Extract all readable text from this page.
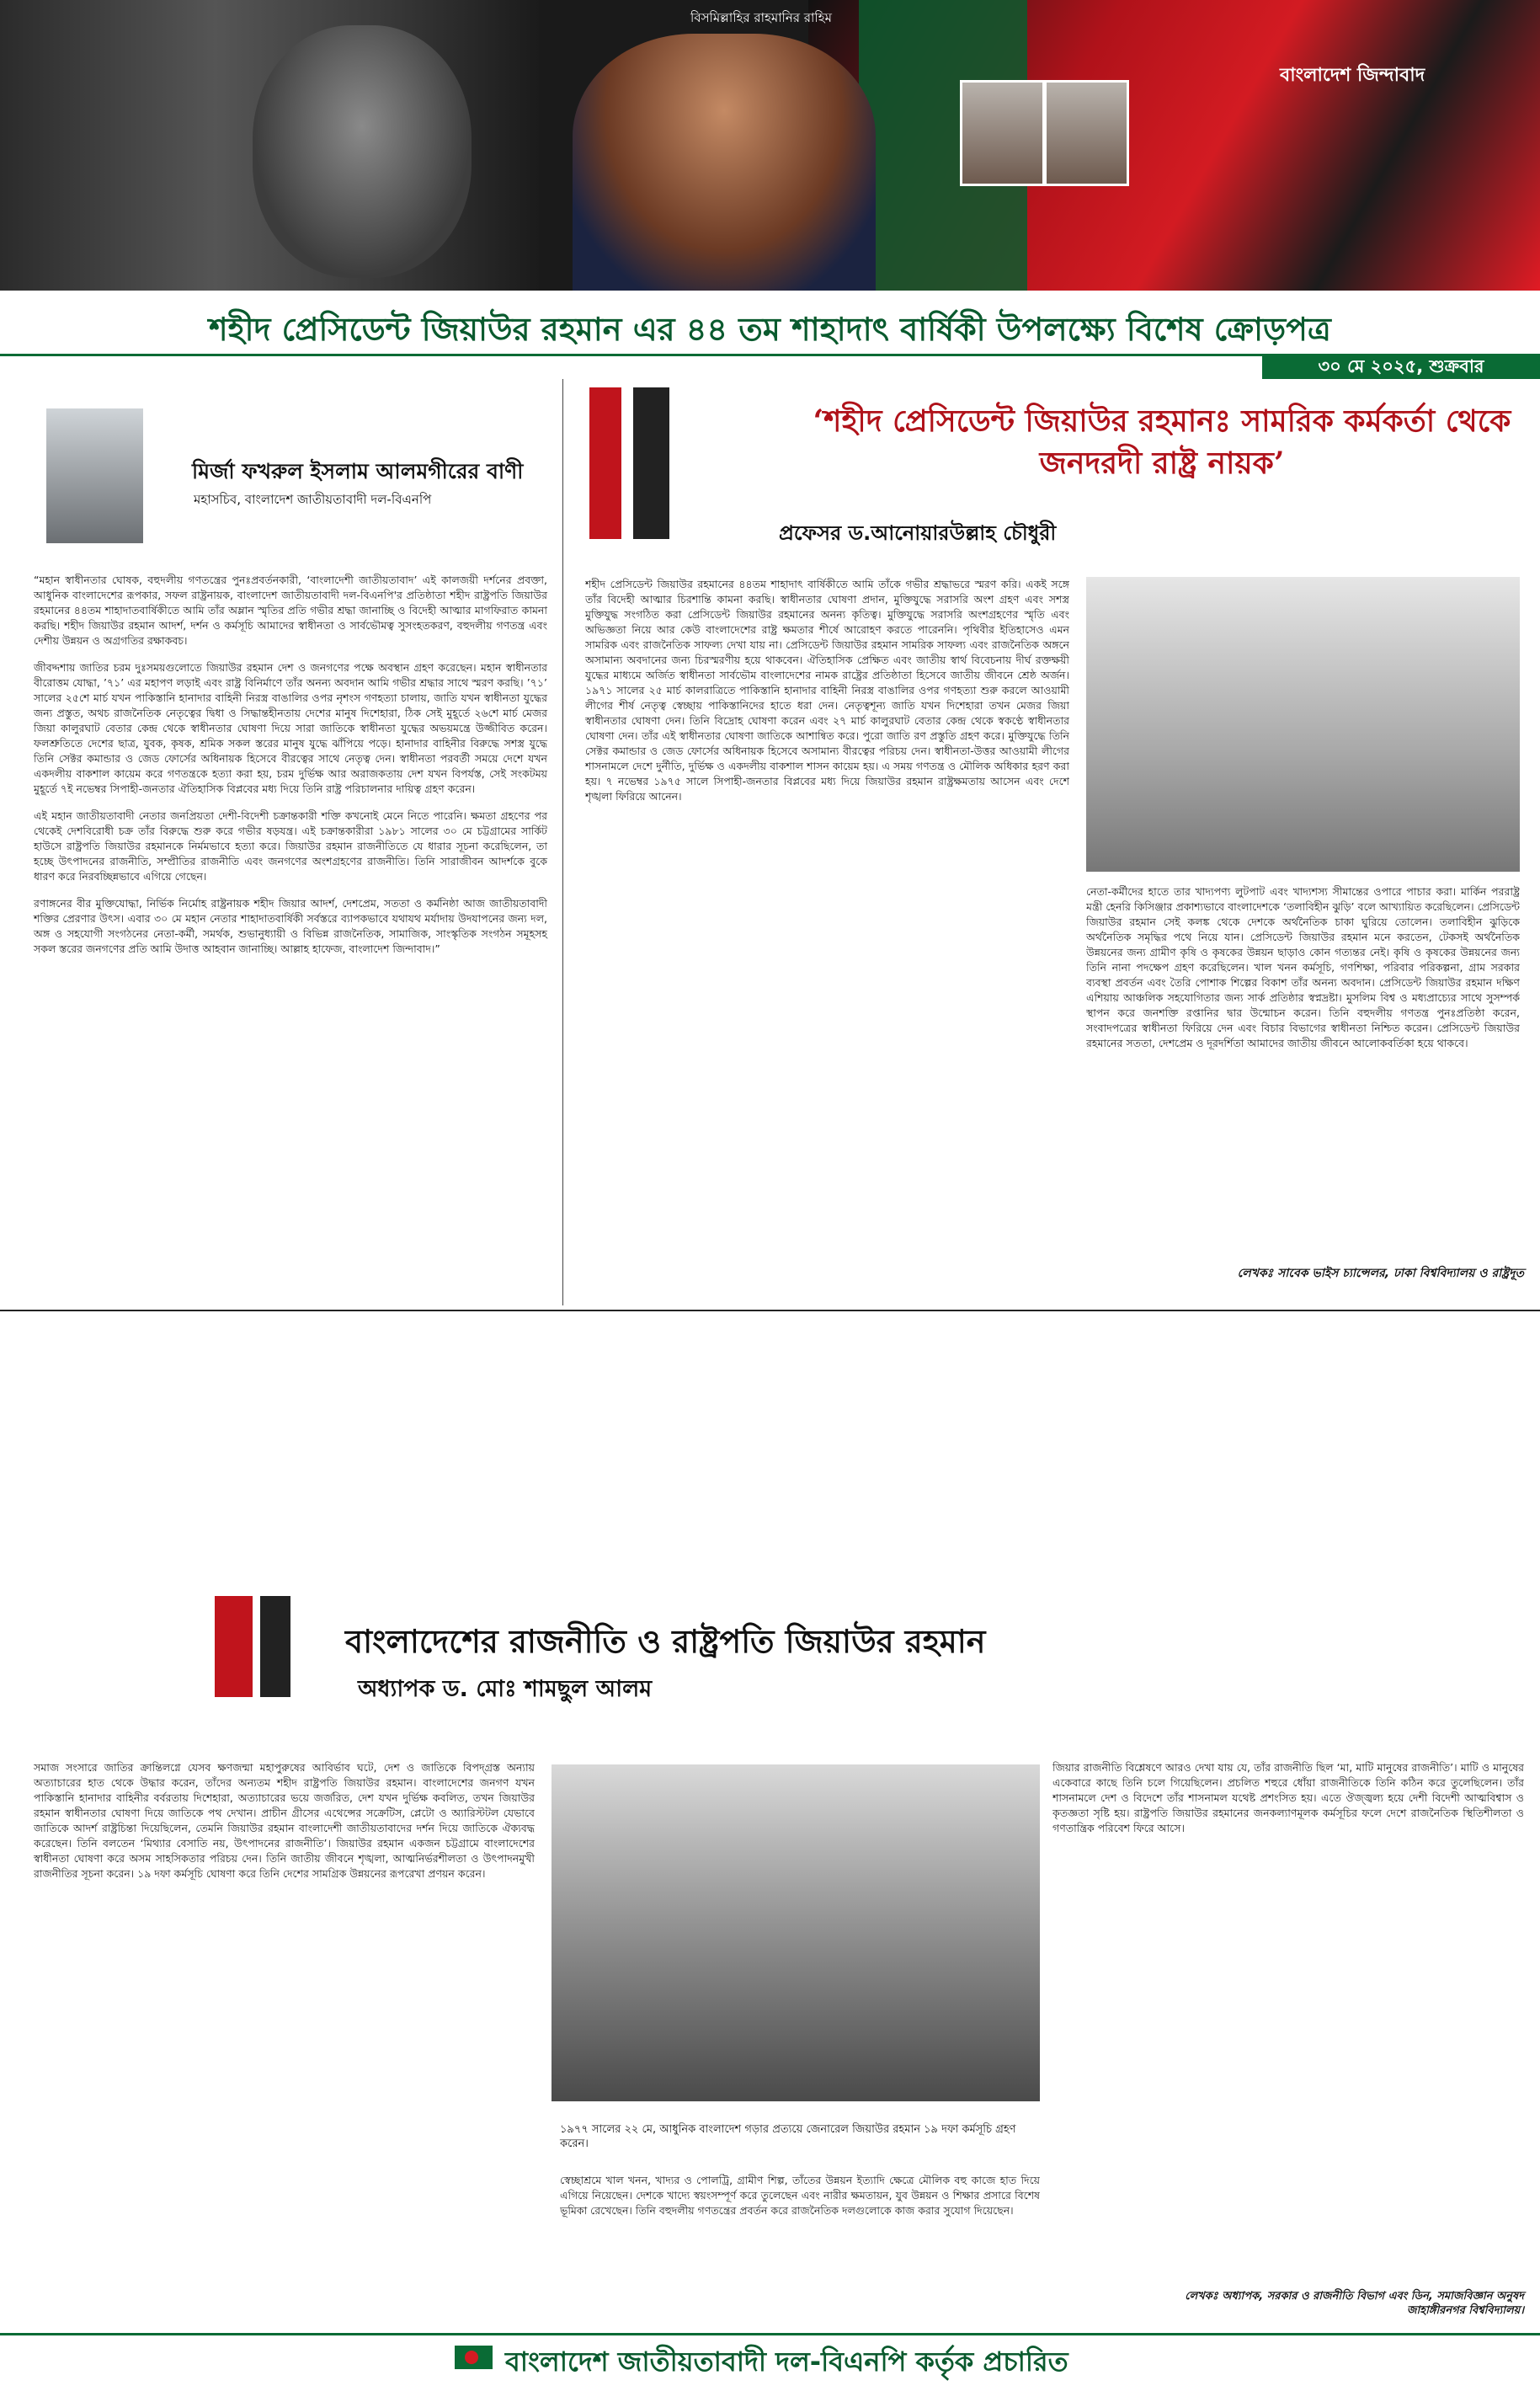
বিসমিল্লাহির রাহমানির রাহিম
বাংলাদেশ জিন্দাবাদ
শহীদ প্রেসিডেন্ট জিয়াউর রহমান এর ৪৪ তম শাহাদাৎ বার্ষিকী উপলক্ষ্যে বিশেষ ক্রোড়পত্র
৩০ মে ২০২৫, শুক্রবার
মির্জা ফখরুল ইসলাম আলমগীরের বাণী
মহাসচিব, বাংলাদেশ জাতীয়তাবাদী দল-বিএনপি

“মহান স্বাধীনতার ঘোষক, বহুদলীয় গণতন্ত্রের পুনঃপ্রবর্তনকারী, ‘বাংলাদেশী জাতীয়তাবাদ’ এই কালজয়ী দর্শনের প্রবক্তা, আধুনিক বাংলাদেশের রূপকার, সফল রাষ্ট্রনায়ক, বাংলাদেশ জাতীয়তাবাদী দল-বিএনপি'র প্রতিষ্ঠাতা শহীদ রাষ্ট্রপতি জিয়াউর রহমানের ৪৪তম শাহাদাতবার্ষিকীতে আমি তাঁর অম্লান স্মৃতির প্রতি গভীর শ্রদ্ধা জানাচ্ছি ও বিদেহী আত্মার মাগফিরাত কামনা করছি। শহীদ জিয়াউর রহমান আদর্শ, দর্শন ও কর্মসূচি আমাদের স্বাধীনতা ও সার্বভৌমত্ব সুসংহতকরণ, বহুদলীয় গণতন্ত্র এবং দেশীয় উন্নয়ন ও অগ্রগতির রক্ষাকবচ।

জীবদ্দশায় জাতির চরম দুঃসময়গুলোতে জিয়াউর রহমান দেশ ও জনগণের পক্ষে অবস্থান গ্রহণ করেছেন। মহান স্বাধীনতার বীরোত্তম যোদ্ধা, ’৭১’ এর মহাপণ লড়াই এবং রাষ্ট্র বিনির্মাণে তাঁর অনন্য অবদান আমি গভীর শ্রদ্ধার সাথে স্মরণ করছি। ’৭১’ সালের ২৫শে মার্চ যখন পাকিস্তানি হানাদার বাহিনী নিরস্ত্র বাঙালির ওপর নৃশংস গণহত্যা চালায়, জাতি যখন স্বাধীনতা যুদ্ধের জন্য প্রস্তুত, অথচ রাজনৈতিক নেতৃত্বের দ্বিধা ও সিদ্ধান্তহীনতায় দেশের মানুষ দিশেহারা, ঠিক সেই মুহূর্তে ২৬শে মার্চ মেজর জিয়া কালুরঘাট বেতার কেন্দ্র থেকে স্বাধীনতার ঘোষণা দিয়ে সারা জাতিকে স্বাধীনতা যুদ্ধের অভয়মন্ত্রে উজ্জীবিত করেন। ফলশ্রুতিতে দেশের ছাত্র, যুবক, কৃষক, শ্রমিক সকল স্তরের মানুষ যুদ্ধে ঝাঁপিয়ে পড়ে। হানাদার বাহিনীর বিরুদ্ধে সশস্ত্র যুদ্ধে তিনি সেক্টর কমান্ডার ও জেড ফোর্সের অধিনায়ক হিসেবে বীরত্বের সাথে নেতৃত্ব দেন। স্বাধীনতা পরবর্তী সময়ে দেশে যখন একদলীয় বাকশাল কায়েম করে গণতন্ত্রকে হত্যা করা হয়, চরম দুর্ভিক্ষ আর অরাজকতায় দেশ যখন বিপর্যস্ত, সেই সংকটময় মুহূর্তে ৭ই নভেম্বর সিপাহী-জনতার ঐতিহাসিক বিপ্লবের মধ্য দিয়ে তিনি রাষ্ট্র পরিচালনার দায়িত্ব গ্রহণ করেন।

এই মহান জাতীয়তাবাদী নেতার জনপ্রিয়তা দেশী-বিদেশী চক্রান্তকারী শক্তি কখনোই মেনে নিতে পারেনি। ক্ষমতা গ্রহণের পর থেকেই দেশবিরোধী চক্র তাঁর বিরুদ্ধে শুরু করে গভীর ষড়যন্ত্র। এই চক্রান্তকারীরা ১৯৮১ সালের ৩০ মে চট্টগ্রামের সার্কিট হাউসে রাষ্ট্রপতি জিয়াউর রহমানকে নির্মমভাবে হত্যা করে। জিয়াউর রহমান রাজনীতিতে যে ধারার সূচনা করেছিলেন, তা হচ্ছে উৎপাদনের রাজনীতি, সম্প্রীতির রাজনীতি এবং জনগণের অংশগ্রহণের রাজনীতি। তিনি সারাজীবন আদর্শকে বুকে ধারণ করে নিরবচ্ছিন্নভাবে এগিয়ে গেছেন।

রণাঙ্গনের বীর মুক্তিযোদ্ধা, নির্ভিক নির্মোহ রাষ্ট্রনায়ক শহীদ জিয়ার আদর্শ, দেশপ্রেম, সততা ও কর্মনিষ্ঠা আজ জাতীয়তাবাদী শক্তির প্রেরণার উৎস। এবার ৩০ মে মহান নেতার শাহাদাতবার্ষিকী সর্বস্তরে ব্যাপকভাবে যথাযথ মর্যাদায় উদযাপনের জন্য দল, অঙ্গ ও সহযোগী সংগঠনের নেতা-কর্মী, সমর্থক, শুভানুধ্যায়ী ও বিভিন্ন রাজনৈতিক, সামাজিক, সাংস্কৃতিক সংগঠন সমূহসহ সকল স্তরের জনগণের প্রতি আমি উদাত্ত আহবান জানাচ্ছি। আল্লাহ হাফেজ, বাংলাদেশ জিন্দাবাদ।”

‘শহীদ প্রেসিডেন্ট জিয়াউর রহমানঃ সামরিক কর্মকর্তা থেকে জনদরদী রাষ্ট্র নায়ক’
প্রফেসর ড.আনোয়ারউল্লাহ চৌধুরী
শহীদ প্রেসিডেন্ট জিয়াউর রহমানের ৪৪তম শাহাদাৎ বার্ষিকীতে আমি তাঁকে গভীর শ্রদ্ধাভরে স্মরণ করি। একই সঙ্গে তাঁর বিদেহী আত্মার চিরশান্তি কামনা করছি। স্বাধীনতার ঘোষণা প্রদান, মুক্তিযুদ্ধে সরাসরি অংশ গ্রহণ এবং সশস্ত্র মুক্তিযুদ্ধ সংগঠিত করা প্রেসিডেন্ট জিয়াউর রহমানের অনন্য কৃতিত্ব। মুক্তিযুদ্ধে সরাসরি অংশগ্রহণের স্মৃতি এবং অভিজ্ঞতা নিয়ে আর কেউ বাংলাদেশের রাষ্ট্র ক্ষমতার শীর্ষে আরোহণ করতে পারেননি। পৃথিবীর ইতিহাসেও এমন সামরিক এবং রাজনৈতিক সাফল্য দেখা যায় না। প্রেসিডেন্ট জিয়াউর রহমান সামরিক সাফল্য এবং রাজনৈতিক অঙ্গনে অসামান্য অবদানের জন্য চিরস্মরণীয় হয়ে থাকবেন। ঐতিহাসিক প্রেক্ষিত এবং জাতীয় স্বার্থ বিবেচনায় দীর্ঘ রক্তক্ষয়ী যুদ্ধের মাধ্যমে অর্জিত স্বাধীনতা সার্বভৌম বাংলাদেশের নামক রাষ্ট্রের প্রতিষ্ঠাতা হিসেবে জাতীয় জীবনে শ্রেষ্ঠ অর্জন। ১৯৭১ সালের ২৫ মার্চ কালরাত্রিতে পাকিস্তানি হানাদার বাহিনী নিরস্ত্র বাঙালির ওপর গণহত্যা শুরু করলে আওয়ামী লীগের শীর্ষ নেতৃত্ব স্বেচ্ছায় পাকিস্তানিদের হাতে ধরা দেন। নেতৃত্বশূন্য জাতি যখন দিশেহারা তখন মেজর জিয়া স্বাধীনতার ঘোষণা দেন। তিনি বিদ্রোহ ঘোষণা করেন এবং ২৭ মার্চ কালুরঘাট বেতার কেন্দ্র থেকে স্বকণ্ঠে স্বাধীনতার ঘোষণা দেন। তাঁর এই স্বাধীনতার ঘোষণা জাতিকে আশান্বিত করে। পুরো জাতি রণ প্রস্তুতি গ্রহণ করে। মুক্তিযুদ্ধে তিনি সেক্টর কমান্ডার ও জেড ফোর্সের অধিনায়ক হিসেবে অসামান্য বীরত্বের পরিচয় দেন। স্বাধীনতা-উত্তর আওয়ামী লীগের শাসনামলে দেশে দুর্নীতি, দুর্ভিক্ষ ও একদলীয় বাকশাল শাসন কায়েম হয়। এ সময় গণতন্ত্র ও মৌলিক অধিকার হরণ করা হয়। ৭ নভেম্বর ১৯৭৫ সালে সিপাহী-জনতার বিপ্লবের মধ্য দিয়ে জিয়াউর রহমান রাষ্ট্রক্ষমতায় আসেন এবং দেশে শৃঙ্খলা ফিরিয়ে আনেন।
নেতা-কর্মীদের হাতে তার খাদ্যপণ্য লুটপাট এবং খাদ্যশস্য সীমান্তের ওপারে পাচার করা। মার্কিন পররাষ্ট্র মন্ত্রী হেনরি কিসিঞ্জার প্রকাশ্যভাবে বাংলাদেশকে ‘তলাবিহীন ঝুড়ি’ বলে আখ্যায়িত করেছিলেন। প্রেসিডেন্ট জিয়াউর রহমান সেই কলঙ্ক থেকে দেশকে অর্থনৈতিক চাকা ঘুরিয়ে তোলেন। তলাবিহীন ঝুড়িকে অর্থনৈতিক সমৃদ্ধির পথে নিয়ে যান। প্রেসিডেন্ট জিয়াউর রহমান মনে করতেন, টেকসই অর্থনৈতিক উন্নয়নের জন্য গ্রামীণ কৃষি ও কৃষকের উন্নয়ন ছাড়াও কোন গত্যন্তর নেই। কৃষি ও কৃষকের উন্নয়নের জন্য তিনি নানা পদক্ষেপ গ্রহণ করেছিলেন। খাল খনন কর্মসূচি, গণশিক্ষা, পরিবার পরিকল্পনা, গ্রাম সরকার ব্যবস্থা প্রবর্তন এবং তৈরি পোশাক শিল্পের বিকাশ তাঁর অনন্য অবদান। প্রেসিডেন্ট জিয়াউর রহমান দক্ষিণ এশিয়ায় আঞ্চলিক সহযোগিতার জন্য সার্ক প্রতিষ্ঠার স্বপ্নদ্রষ্টা। মুসলিম বিশ্ব ও মধ্যপ্রাচ্যের সাথে সুসম্পর্ক স্থাপন করে জনশক্তি রপ্তানির দ্বার উন্মোচন করেন। তিনি বহুদলীয় গণতন্ত্র পুনঃপ্রতিষ্ঠা করেন, সংবাদপত্রের স্বাধীনতা ফিরিয়ে দেন এবং বিচার বিভাগের স্বাধীনতা নিশ্চিত করেন। প্রেসিডেন্ট জিয়াউর রহমানের সততা, দেশপ্রেম ও দূরদর্শিতা আমাদের জাতীয় জীবনে আলোকবর্তিকা হয়ে থাকবে।
লেখকঃ সাবেক ভাইস চ্যান্সেলর, ঢাকা বিশ্ববিদ্যালয় ও রাষ্ট্রদূত
বাংলাদেশের রাজনীতি ও রাষ্ট্রপতি জিয়াউর রহমান
অধ্যাপক ড. মোঃ শামছুল আলম
সমাজ সংসারে জাতির ক্রান্তিলগ্নে যেসব ক্ষণজন্মা মহাপুরুষের আবির্ভাব ঘটে, দেশ ও জাতিকে বিপদ্গ্রস্ত অন্যায় অত্যাচারের হাত থেকে উদ্ধার করেন, তাঁদের অন্যতম শহীদ রাষ্ট্রপতি জিয়াউর রহমান। বাংলাদেশের জনগণ যখন পাকিস্তানি হানাদার বাহিনীর বর্বরতায় দিশেহারা, অত্যাচারের ভয়ে জর্জরিত, দেশ যখন দুর্ভিক্ষ কবলিত, তখন জিয়াউর রহমান স্বাধীনতার ঘোষণা দিয়ে জাতিকে পথ দেখান। প্রাচীন গ্রীসের এথেন্সের সক্রেটিস, প্লেটো ও অ্যারিস্টটল যেভাবে জাতিকে আদর্শ রাষ্ট্রচিন্তা দিয়েছিলেন, তেমনি জিয়াউর রহমান বাংলাদেশী জাতীয়তাবাদের দর্শন দিয়ে জাতিকে ঐক্যবদ্ধ করেছেন। তিনি বলতেন ‘মিথ্যার বেসাতি নয়, উৎপাদনের রাজনীতি’। জিয়াউর রহমান একজন চট্টগ্রামে বাংলাদেশের স্বাধীনতা ঘোষণা করে অসম সাহসিকতার পরিচয় দেন। তিনি জাতীয় জীবনে শৃঙ্খলা, আত্মনির্ভরশীলতা ও উৎপাদনমুখী রাজনীতির সূচনা করেন। ১৯ দফা কর্মসূচি ঘোষণা করে তিনি দেশের সামগ্রিক উন্নয়নের রূপরেখা প্রণয়ন করেন।
১৯৭৭ সালের ২২ মে, আধুনিক বাংলাদেশ গড়ার প্রত্যয়ে জেনারেল জিয়াউর রহমান ১৯ দফা কর্মসূচি গ্রহণ করেন।
স্বেচ্ছাশ্রমে খাল খনন, খাদ্যর ও পোলট্রি, গ্রামীণ শিল্প, তাঁতের উন্নয়ন ইত্যাদি ক্ষেত্রে মৌলিক বহু কাজে হাত দিয়ে এগিয়ে নিয়েছেন। দেশকে খাদ্যে স্বয়ংসম্পূর্ণ করে তুলেছেন এবং নারীর ক্ষমতায়ন, যুব উন্নয়ন ও শিক্ষার প্রসারে বিশেষ ভূমিকা রেখেছেন। তিনি বহুদলীয় গণতন্ত্রের প্রবর্তন করে রাজনৈতিক দলগুলোকে কাজ করার সুযোগ দিয়েছেন।
জিয়ার রাজনীতি বিশ্লেষণে আরও দেখা যায় যে, তাঁর রাজনীতি ছিল ‘মা, মাটি মানুষের রাজনীতি’। মাটি ও মানুষের একেবারে কাছে তিনি চলে গিয়েছিলেন। প্রচলিত শহুরে ধোঁয়া রাজনীতিকে তিনি কঠিন করে তুলেছিলেন। তাঁর শাসনামলে দেশ ও বিদেশে তাঁর শাসনামল যথেষ্ট প্রশংসিত হয়। এতে ঔজ্জ্বল্য হয়ে দেশী বিদেশী আত্মবিশ্বাস ও কৃতজ্ঞতা সৃষ্টি হয়। রাষ্ট্রপতি জিয়াউর রহমানের জনকল্যাণমূলক কর্মসূচির ফলে দেশে রাজনৈতিক স্থিতিশীলতা ও গণতান্ত্রিক পরিবেশ ফিরে আসে।
লেখকঃ অধ্যাপক, সরকার ও রাজনীতি বিভাগ এবং ডিন, সমাজবিজ্ঞান অনুষদ জাহাঙ্গীরনগর বিশ্ববিদ্যালয়।
বাংলাদেশ জাতীয়তাবাদী দল-বিএনপি কর্তৃক প্রচারিত
